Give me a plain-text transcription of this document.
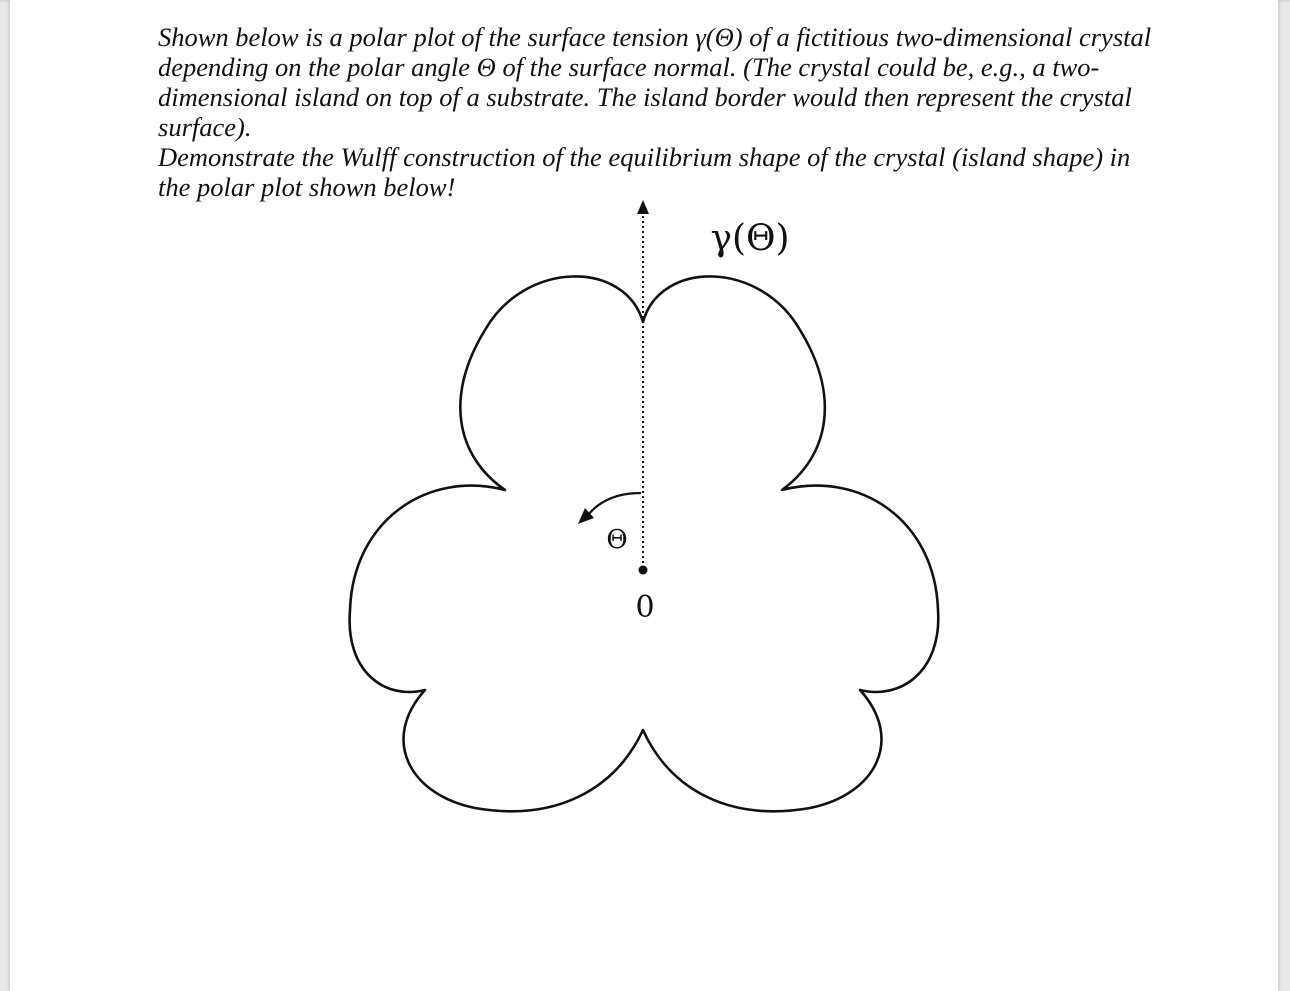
Shown below is a polar plot of the surface tension γ(Θ) of a fictitious two-dimensional crystal
depending on the polar angle Θ of the surface normal. (The crystal could be, e.g., a two-
dimensional island on top of a substrate. The island border would then represent the crystal
surface).
Demonstrate the Wulff construction of the equilibrium shape of the crystal (island shape) in
the polar plot shown below!
γ(Θ)
Θ
0
